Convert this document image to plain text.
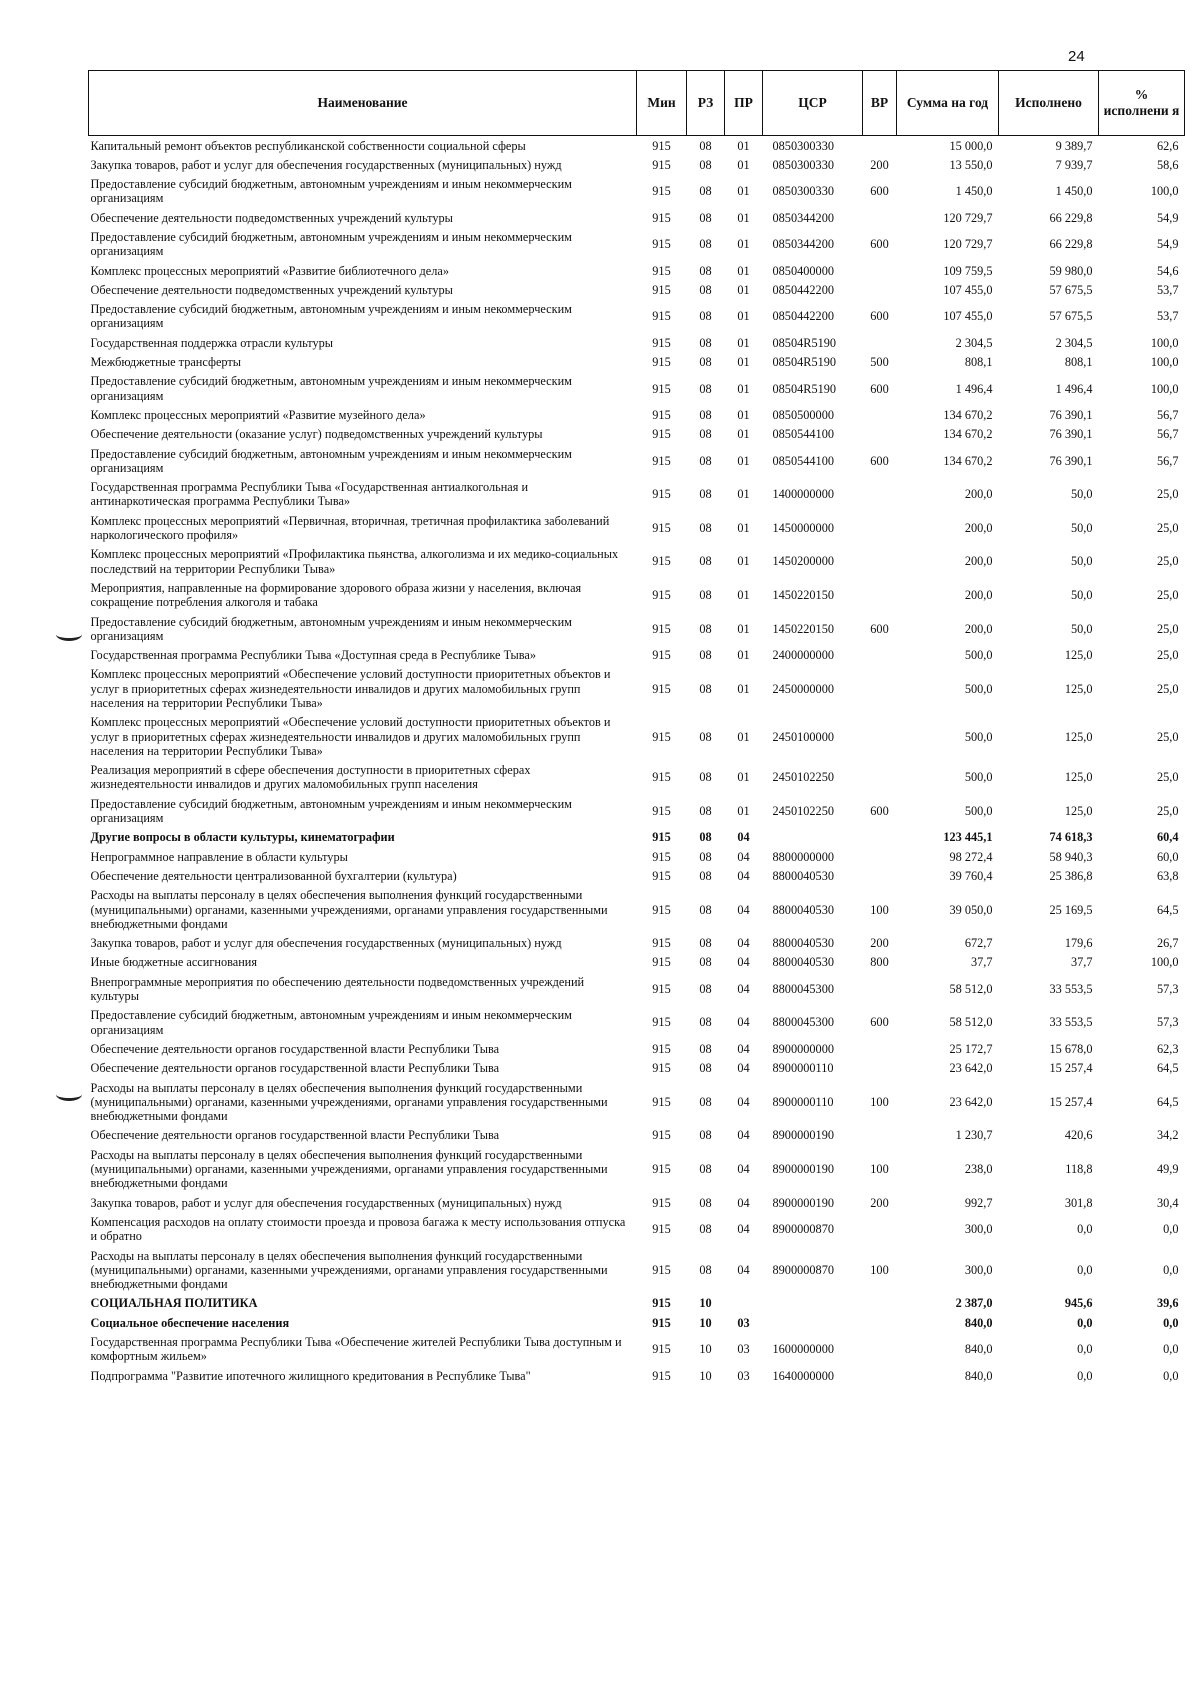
24
Наименование	Мин	РЗ	ПР	ЦСР	ВР	Сумма на год	Исполнено	% исполнени я
Капитальный ремонт объектов республиканской собственности социальной сферы	915	08	01	0850300330		15 000,0	9 389,7	62,6
Закупка товаров, работ и услуг для обеспечения государственных (муниципальных) нужд	915	08	01	0850300330	200	13 550,0	7 939,7	58,6
Предоставление субсидий бюджетным, автономным учреждениям и иным некоммерческим организациям	915	08	01	0850300330	600	1 450,0	1 450,0	100,0
Обеспечение деятельности подведомственных учреждений культуры	915	08	01	0850344200		120 729,7	66 229,8	54,9
Предоставление субсидий бюджетным, автономным учреждениям и иным некоммерческим организациям	915	08	01	0850344200	600	120 729,7	66 229,8	54,9
Комплекс процессных мероприятий «Развитие библиотечного дела»	915	08	01	0850400000		109 759,5	59 980,0	54,6
Обеспечение деятельности подведомственных учреждений культуры	915	08	01	0850442200		107 455,0	57 675,5	53,7
Предоставление субсидий бюджетным, автономным учреждениям и иным некоммерческим организациям	915	08	01	0850442200	600	107 455,0	57 675,5	53,7
Государственная поддержка отрасли культуры	915	08	01	08504R5190		2 304,5	2 304,5	100,0
Межбюджетные трансферты	915	08	01	08504R5190	500	808,1	808,1	100,0
Предоставление субсидий бюджетным, автономным учреждениям и иным некоммерческим организациям	915	08	01	08504R5190	600	1 496,4	1 496,4	100,0
Комплекс процессных мероприятий «Развитие музейного дела»	915	08	01	0850500000		134 670,2	76 390,1	56,7
Обеспечение деятельности (оказание услуг) подведомственных учреждений культуры	915	08	01	0850544100		134 670,2	76 390,1	56,7
Предоставление субсидий бюджетным, автономным учреждениям и иным некоммерческим организациям	915	08	01	0850544100	600	134 670,2	76 390,1	56,7
Государственная программа Республики Тыва «Государственная антиалкогольная и антинаркотическая программа Республики Тыва»	915	08	01	1400000000		200,0	50,0	25,0
Комплекс процессных мероприятий «Первичная, вторичная, третичная профилактика заболеваний наркологического профиля»	915	08	01	1450000000		200,0	50,0	25,0
Комплекс процессных мероприятий «Профилактика пьянства, алкоголизма и их медико-социальных последствий на территории Республики Тыва»	915	08	01	1450200000		200,0	50,0	25,0
Мероприятия, направленные на формирование здорового образа жизни у населения, включая сокращение потребления алкоголя и табака	915	08	01	1450220150		200,0	50,0	25,0
Предоставление субсидий бюджетным, автономным учреждениям и иным некоммерческим организациям	915	08	01	1450220150	600	200,0	50,0	25,0
Государственная программа Республики Тыва «Доступная среда в Республике Тыва»	915	08	01	2400000000		500,0	125,0	25,0
Комплекс процессных мероприятий «Обеспечение условий доступности приоритетных объектов и услуг в приоритетных сферах жизнедеятельности инвалидов и других маломобильных групп населения на территории Республики Тыва»	915	08	01	2450000000		500,0	125,0	25,0
Комплекс процессных мероприятий «Обеспечение условий доступности приоритетных объектов и услуг в приоритетных сферах жизнедеятельности инвалидов и других маломобильных групп населения на территории Республики Тыва»	915	08	01	2450100000		500,0	125,0	25,0
Реализация мероприятий в сфере обеспечения доступности в приоритетных сферах жизнедеятельности инвалидов и других маломобильных групп населения	915	08	01	2450102250		500,0	125,0	25,0
Предоставление субсидий бюджетным, автономным учреждениям и иным некоммерческим организациям	915	08	01	2450102250	600	500,0	125,0	25,0
Другие вопросы в области культуры, кинематографии	915	08	04			123 445,1	74 618,3	60,4
Непрограммное направление в области культуры	915	08	04	8800000000		98 272,4	58 940,3	60,0
Обеспечение деятельности централизованной бухгалтерии (культура)	915	08	04	8800040530		39 760,4	25 386,8	63,8
Расходы на выплаты персоналу в целях обеспечения выполнения функций государственными (муниципальными) органами, казенными учреждениями, органами управления государственными внебюджетными фондами	915	08	04	8800040530	100	39 050,0	25 169,5	64,5
Закупка товаров, работ и услуг для обеспечения государственных (муниципальных) нужд	915	08	04	8800040530	200	672,7	179,6	26,7
Иные бюджетные ассигнования	915	08	04	8800040530	800	37,7	37,7	100,0
Внепрограммные мероприятия по обеспечению деятельности подведомственных учреждений культуры	915	08	04	8800045300		58 512,0	33 553,5	57,3
Предоставление субсидий бюджетным, автономным учреждениям и иным некоммерческим организациям	915	08	04	8800045300	600	58 512,0	33 553,5	57,3
Обеспечение деятельности органов государственной власти Республики Тыва	915	08	04	8900000000		25 172,7	15 678,0	62,3
Обеспечение деятельности органов государственной власти Республики Тыва	915	08	04	8900000110		23 642,0	15 257,4	64,5
Расходы на выплаты персоналу в целях обеспечения выполнения функций государственными (муниципальными) органами, казенными учреждениями, органами управления государственными внебюджетными фондами	915	08	04	8900000110	100	23 642,0	15 257,4	64,5
Обеспечение деятельности органов государственной власти Республики Тыва	915	08	04	8900000190		1 230,7	420,6	34,2
Расходы на выплаты персоналу в целях обеспечения выполнения функций государственными (муниципальными) органами, казенными учреждениями, органами управления государственными внебюджетными фондами	915	08	04	8900000190	100	238,0	118,8	49,9
Закупка товаров, работ и услуг для обеспечения государственных (муниципальных) нужд	915	08	04	8900000190	200	992,7	301,8	30,4
Компенсация расходов на оплату стоимости проезда и провоза багажа к месту использования отпуска и обратно	915	08	04	8900000870		300,0	0,0	0,0
Расходы на выплаты персоналу в целях обеспечения выполнения функций государственными (муниципальными) органами, казенными учреждениями, органами управления государственными внебюджетными фондами	915	08	04	8900000870	100	300,0	0,0	0,0
СОЦИАЛЬНАЯ ПОЛИТИКА	915	10				2 387,0	945,6	39,6
Социальное обеспечение населения	915	10	03			840,0	0,0	0,0
Государственная программа Республики Тыва «Обеспечение жителей Республики Тыва доступным и комфортным жильем»	915	10	03	1600000000		840,0	0,0	0,0
Подпрограмма "Развитие ипотечного жилищного кредитования в Республике Тыва"	915	10	03	1640000000		840,0	0,0	0,0
